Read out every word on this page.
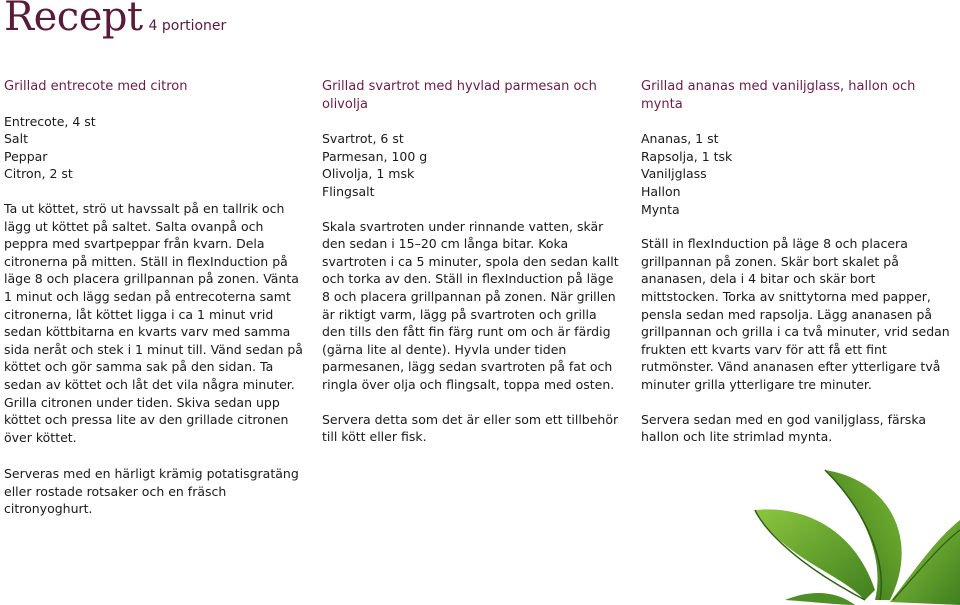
Recept 4 portioner
Grillad entrecote med citron
Entrecote, 4 st
Salt
Peppar
Citron, 2 st
Ta ut köttet, strö ut havssalt på en tallrik och lägg ut köttet på saltet. Salta ovanpå och peppra med svartpeppar från kvarn. Dela citronerna på mitten. Ställ in flexInduction på läge 8 och placera grillpannan på zonen. Vänta 1 minut och lägg sedan på entrecoterna samt citronerna, låt köttet ligga i ca 1 minut vrid sedan köttbitarna en kvarts varv med samma sida neråt och stek i 1 minut till. Vänd sedan på köttet och gör samma sak på den sidan. Ta sedan av köttet och låt det vila några minuter. Grilla citronen under tiden. Skiva sedan upp köttet och pressa lite av den grillade citronen över köttet.
Serveras med en härligt krämig potatisgratäng eller rostade rotsaker och en fräsch citronyoghurt.
Grillad svartrot med hyvlad parmesan och olivolja
Svartrot, 6 st
Parmesan, 100 g
Olivolja, 1 msk
Flingsalt
Skala svartroten under rinnande vatten, skär den sedan i 15–20 cm långa bitar. Koka svartroten i ca 5 minuter, spola den sedan kallt och torka av den. Ställ in flexInduction på läge 8 och placera grillpannan på zonen. När grillen är riktigt varm, lägg på svartroten och grilla den tills den fått fin färg runt om och är färdig (gärna lite al dente). Hyvla under tiden parmesanen, lägg sedan svartroten på fat och ringla över olja och flingsalt, toppa med osten.
Servera detta som det är eller som ett tillbehör till kött eller fisk.
Grillad ananas med vaniljglass, hallon och mynta
Ananas, 1 st
Rapsolja, 1 tsk
Vaniljglass
Hallon
Mynta
Ställ in flexInduction på läge 8 och placera grillpannan på zonen. Skär bort skalet på ananasen, dela i 4 bitar och skär bort mittstocken. Torka av snittytorna med papper, pensla sedan med rapsolja. Lägg ananasen på grillpannan och grilla i ca två minuter, vrid sedan frukten ett kvarts varv för att få ett fint rutmönster. Vänd ananasen efter ytterligare två minuter grilla ytterligare tre minuter.
Servera sedan med en god vaniljglass, färska hallon och lite strimlad mynta.
